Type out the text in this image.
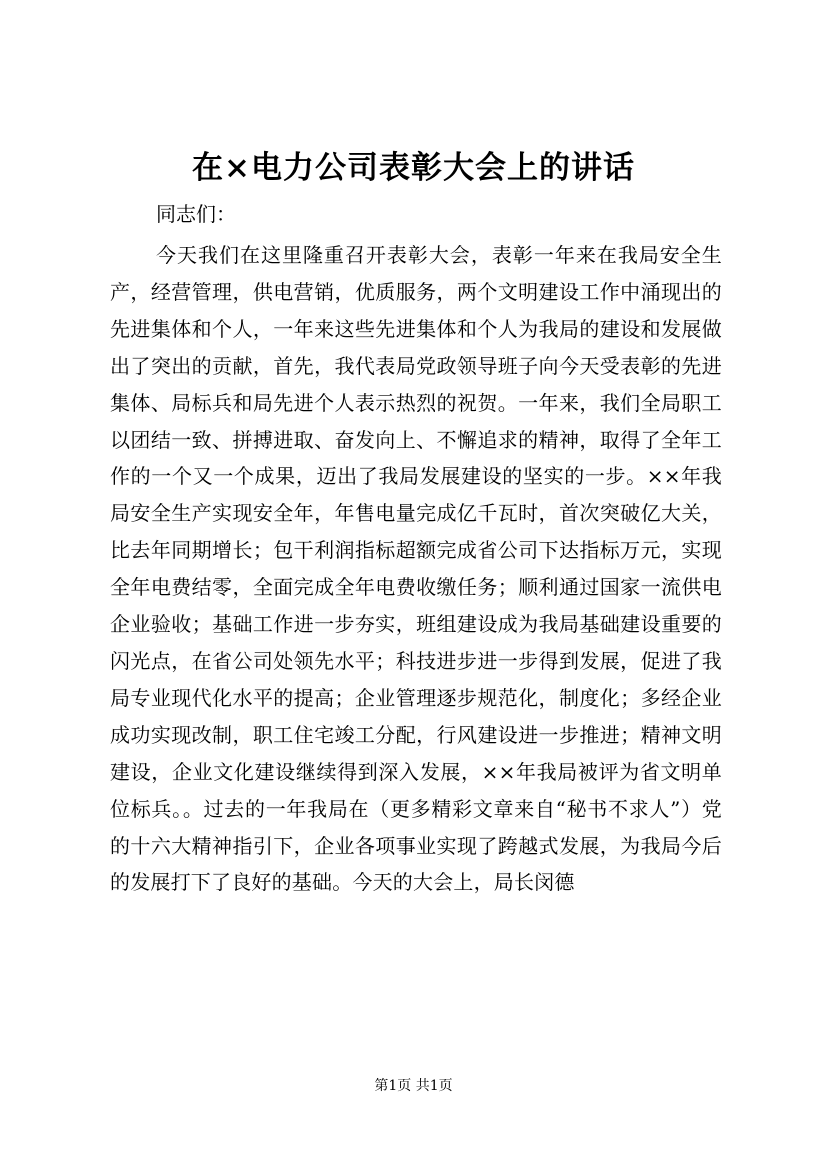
在×电力公司表彰大会上的讲话

同志们：

今天我们在这里隆重召开表彰大会，表彰一年来在我局安全生产，经营管理，供电营销，优质服务，两个文明建设工作中涌现出的先进集体和个人，一年来这些先进集体和个人为我局的建设和发展做出了突出的贡献，首先，我代表局党政领导班子向今天受表彰的先进集体、局标兵和局先进个人表示热烈的祝贺。一年来，我们全局职工以团结一致、拼搏进取、奋发向上、不懈追求的精神，取得了全年工作的一个又一个成果，迈出了我局发展建设的坚实的一步。××年我局安全生产实现安全年，年售电量完成亿千瓦时，首次突破亿大关，比去年同期增长；包干利润指标超额完成省公司下达指标万元，实现全年电费结零，全面完成全年电费收缴任务；顺利通过国家一流供电企业验收；基础工作进一步夯实，班组建设成为我局基础建设重要的闪光点，在省公司处领先水平；科技进步进一步得到发展，促进了我局专业现代化水平的提高；企业管理逐步规范化，制度化；多经企业成功实现改制，职工住宅竣工分配，行风建设进一步推进；精神文明建设，企业文化建设继续得到深入发展，××年我局被评为省文明单位标兵。。过去的一年我局在（更多精彩文章来自“秘书不求人”）党的十六大精神指引下，企业各项事业实现了跨越式发展，为我局今后的发展打下了良好的基础。今天的大会上，局长闵德

第1页 共1页
